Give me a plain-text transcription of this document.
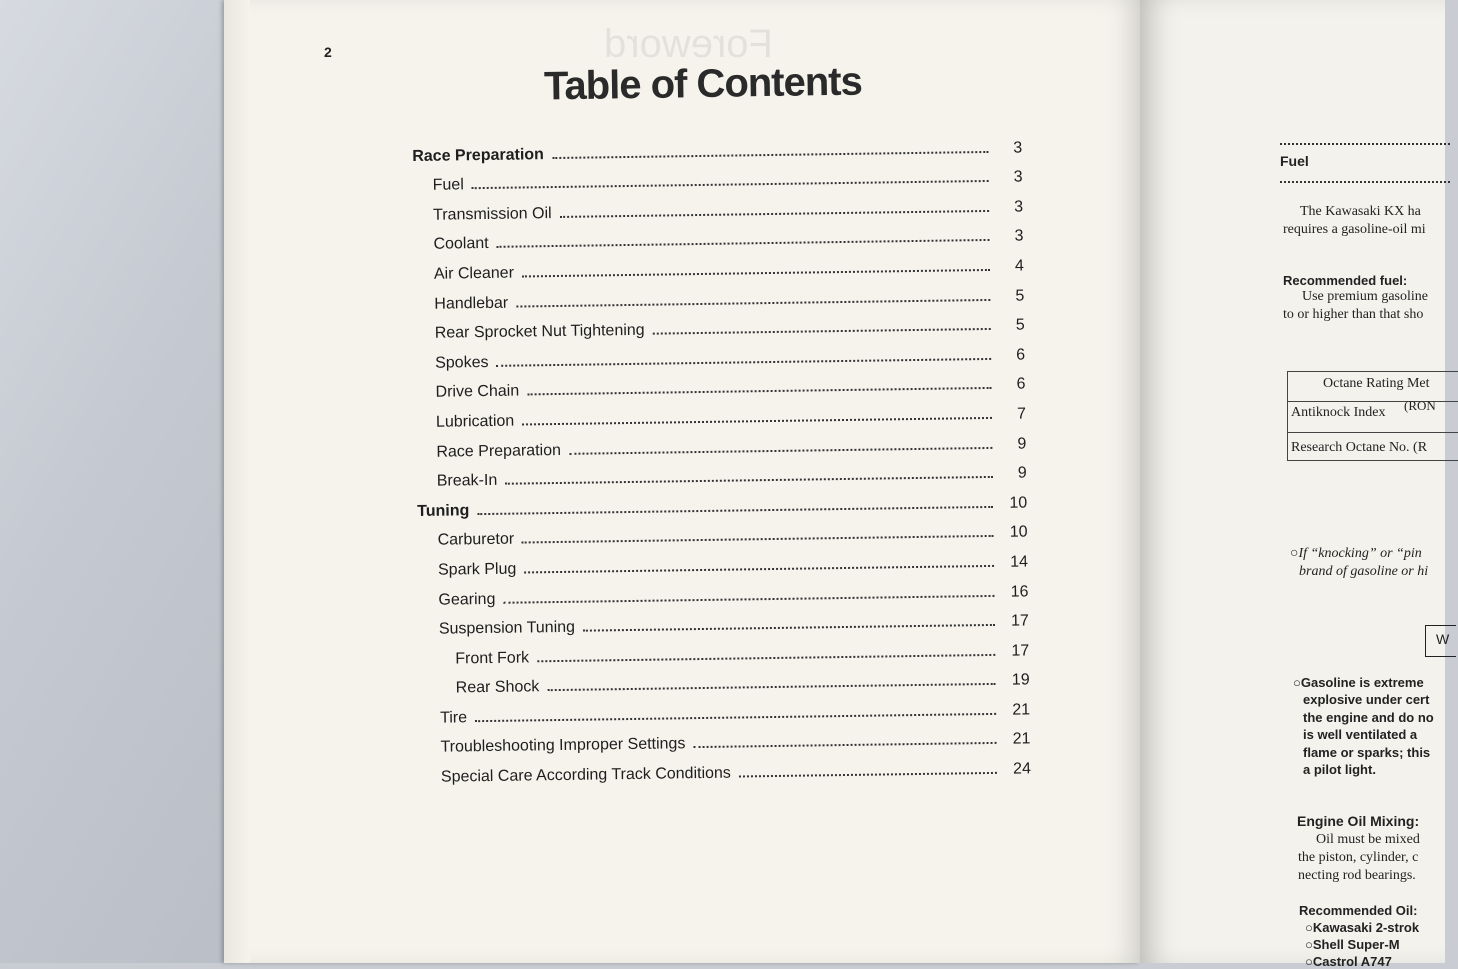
Foreword
2
Table of Contents
Race Preparation	3
Fuel	3
Transmission Oil	3
Coolant	3
Air Cleaner	4
Handlebar	5
Rear Sprocket Nut Tightening	5
Spokes	6
Drive Chain	6
Lubrication	7
Race Preparation	9
Break-In	9
Tuning	10
Carburetor	10
Spark Plug	14
Gearing	16
Suspension Tuning	17
Front Fork	17
Rear Shock	19
Tire	21
Troubleshooting Improper Settings	21
Special Care According Track Conditions	24
Fuel
The Kawasaki KX ha
requires a gasoline-oil mi
Recommended fuel:
Use premium gasoline
to or higher than that sho
Octane Rating Met
Antiknock Index (RON
Research Octane No. (R
○If “knocking” or “pin
brand of gasoline or hi
W
○Gasoline is extreme
explosive under cert
the engine and do no
is well ventilated a
flame or sparks; this
a pilot light.
Engine Oil Mixing:
Oil must be mixed
the piston, cylinder, c
necting rod bearings.
Recommended Oil:
○Kawasaki 2-strok
○Shell Super-M
○Castrol A747
